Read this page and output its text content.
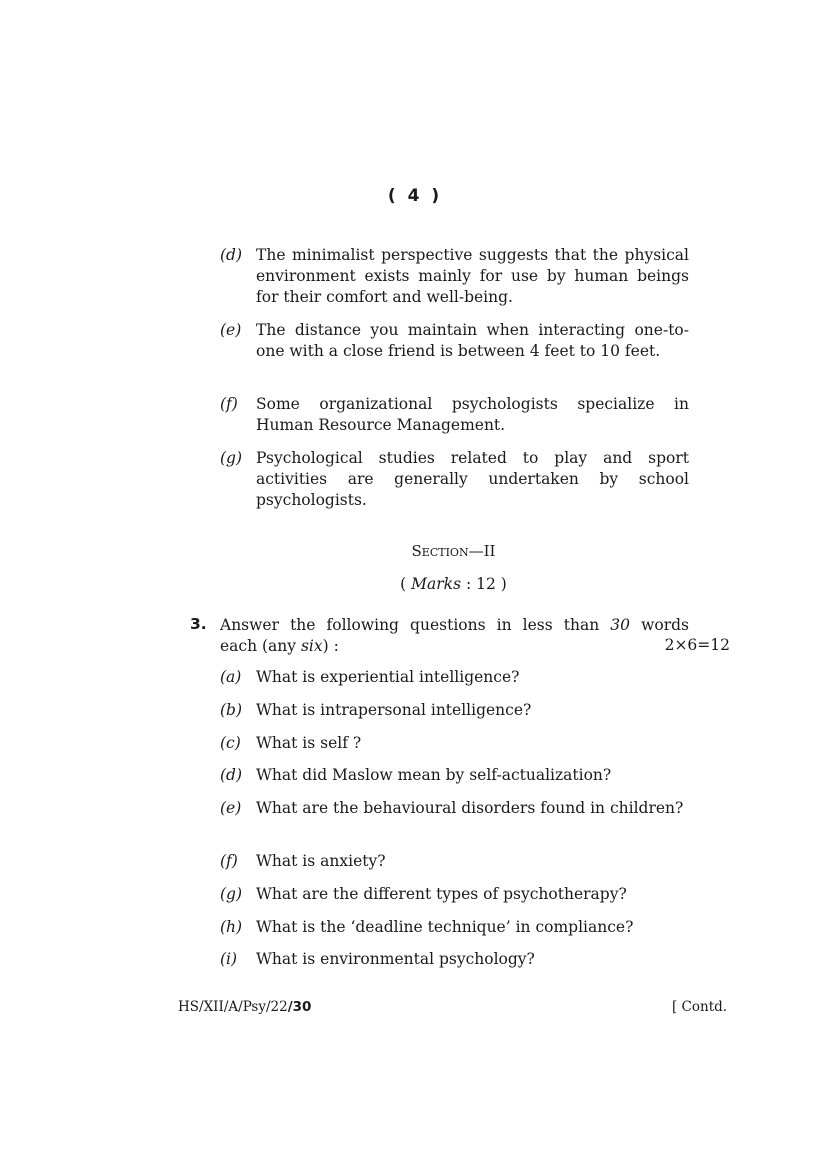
( 4 )
(d) The minimalist perspective suggests that the physical environment exists mainly for use by human beings for their comfort and well-being.
(e) The distance you maintain when interacting one-to-one with a close friend is between 4 feet to 10 feet.
(f) Some organizational psychologists specialize in Human Resource Management.
(g) Psychological studies related to play and sport activities are generally undertaken by school psychologists.
Section—II
( Marks : 12 )
3. Answer the following questions in less than 30 words
each (any six) :	2×6=12
(a) What is experiential intelligence?
(b) What is intrapersonal intelligence?
(c) What is self ?
(d) What did Maslow mean by self-actualization?
(e) What are the behavioural disorders found in children?
(f) What is anxiety?
(g) What are the different types of psychotherapy?
(h) What is the ‘deadline technique’ in compliance?
(i) What is environmental psychology?
HS/XII/A/Psy/22/30	[ Contd.
